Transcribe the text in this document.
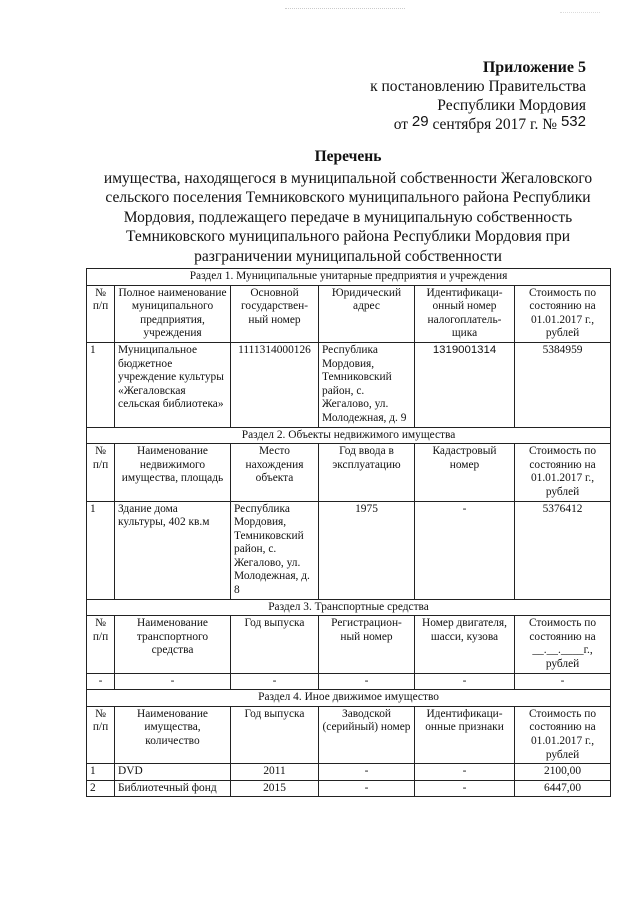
Приложение 5
к постановлению Правительства
Республики Мордовия
от 29 сентября 2017 г. № 532
Перечень
имущества, находящегося в муниципальной собственности Жегаловского
сельского поселения Темниковского муниципального района Республики
Мордовия, подлежащего передаче в муниципальную собственность
Темниковского муниципального района Республики Мордовия при
разграничении муниципальной собственности
Раздел 1. Муниципальные унитарные предприятия и учреждения					
№ п/п	Полное наименование муниципального предприятия, учреждения	Основной государствен-ный номер	Юридический адрес	Идентификаци-онный номер налогоплатель-щика	Стоимость по состоянию на 01.01.2017 г., рублей
1	Муниципальное бюджетное учреждение культуры «Жегаловская сельская библиотека»	1111314000126	Республика Мордовия, Темниковский район, с. Жегалово, ул. Молодежная, д. 9	1319001314	5384959
Раздел 2. Объекты недвижимого имущества					
№ п/п	Наименование недвижимого имущества, площадь	Место нахождения объекта	Год ввода в эксплуатацию	Кадастровый номер	Стоимость по состоянию на 01.01.2017 г., рублей
1	Здание дома культуры, 402 кв.м	Республика Мордовия, Темниковский район, с. Жегалово, ул. Молодежная, д. 8	1975	-	5376412
Раздел 3. Транспортные средства					
№ п/п	Наименование транспортного средства	Год выпуска	Регистрацион-ный номер	Номер двигателя, шасси, кузова	Стоимость по состоянию на __.__.____г., рублей
-	-	-	-	-	-
Раздел 4. Иное движимое имущество					
№ п/п	Наименование имущества, количество	Год выпуска	Заводской (серийный) номер	Идентификаци-онные признаки	Стоимость по состоянию на 01.01.2017 г., рублей
1	DVD	2011	-	-	2100,00
2	Библиотечный фонд	2015	-	-	6447,00
